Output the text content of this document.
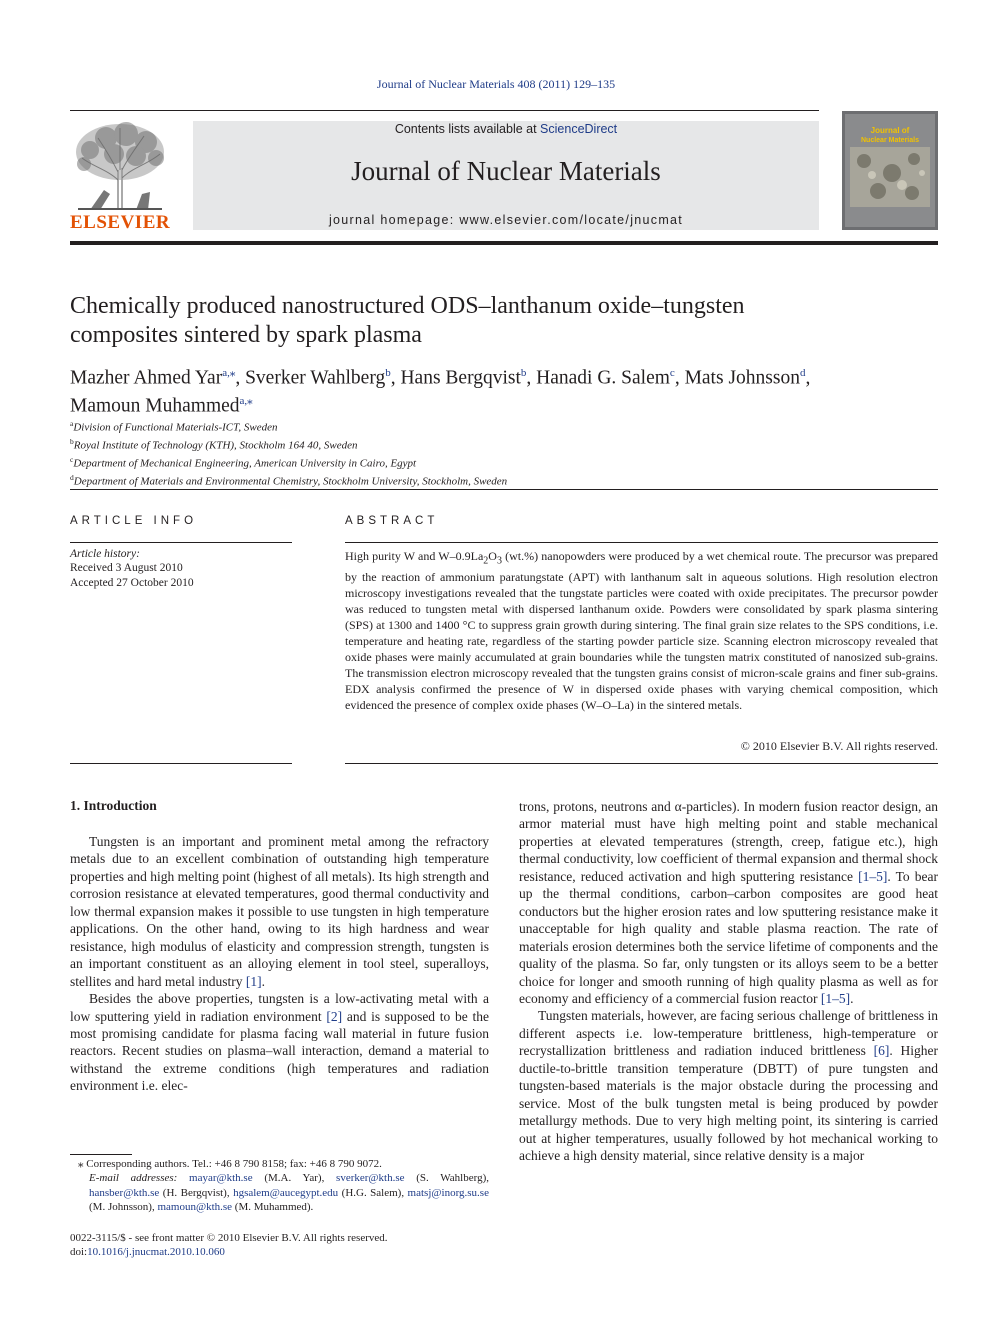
Journal of Nuclear Materials 408 (2011) 129–135
ELSEVIER
Contents lists available at ScienceDirect
Journal of Nuclear Materials
journal homepage: www.elsevier.com/locate/jnucmat
Journal of
Nuclear Materials
Chemically produced nanostructured ODS–lanthanum oxide–tungsten
composites sintered by spark plasma
Mazher Ahmed Yar$^{a,⁎}$, Sverker Wahlberg$^b$, Hans Bergqvist$^b$, Hanadi G. Salem$^c$, Mats Johnsson$^d$,
Mamoun Muhammed$^{a,⁎}$
$^a$Division of Functional Materials-ICT, Sweden
$^b$Royal Institute of Technology (KTH), Stockholm 164 40, Sweden
$^c$Department of Mechanical Engineering, American University in Cairo, Egypt
$^d$Department of Materials and Environmental Chemistry, Stockholm University, Stockholm, Sweden
ARTICLE INFO
Article history:
Received 3 August 2010
Accepted 27 October 2010
ABSTRACT
High purity W and $W-0.9La_2O_3$ (wt.%) nanopowders were produced by a wet chemical route. The precursor was prepared by the reaction of ammonium paratungstate (APT) with lanthanum salt in aqueous solutions. High resolution electron microscopy investigations revealed that the tungstate particles were coated with oxide precipitates. The precursor powder was reduced to tungsten metal with dispersed lanthanum oxide. Powders were consolidated by spark plasma sintering (SPS) at 1300 and 1400 °C to suppress grain growth during sintering. The final grain size relates to the SPS conditions, i.e. temperature and heating rate, regardless of the starting powder particle size. Scanning electron microscopy revealed that oxide phases were mainly accumulated at grain boundaries while the tungsten matrix constituted of nanosized sub-grains. The transmission electron microscopy revealed that the tungsten grains consist of micron-scale grains and finer sub-grains. EDX analysis confirmed the presence of W in dispersed oxide phases with varying chemical composition, which evidenced the presence of complex oxide phases (W–O–La) in the sintered metals.
© 2010 Elsevier B.V. All rights reserved.
1. Introduction

Tungsten is an important and prominent metal among the refractory metals due to an excellent combination of outstanding high temperature properties and high melting point (highest of all metals). Its high strength and corrosion resistance at elevated temperatures, good thermal conductivity and low thermal expansion makes it possible to use tungsten in high temperature applications. On the other hand, owing to its high hardness and wear resistance, high modulus of elasticity and compression strength, tungsten is an important constituent as an alloying element in tool steel, superalloys, stellites and hard metal industry [1].

Besides the above properties, tungsten is a low-activating metal with a low sputtering yield in radiation environment [2] and is supposed to be the most promising candidate for plasma facing wall material in future fusion reactors. Recent studies on plasma–wall interaction, demand a material to withstand the extreme conditions (high temperatures and radiation environment i.e. elec-

trons, protons, neutrons and α-particles). In modern fusion reactor design, an armor material must have high melting point and stable mechanical properties at elevated temperatures (strength, creep, fatigue etc.), high thermal conductivity, low coefficient of thermal expansion and thermal shock resistance, reduced activation and high sputtering resistance [1–5]. To bear up the thermal conditions, carbon–carbon composites are good heat conductors but the higher erosion rates and low sputtering resistance make it unacceptable for high quality and stable plasma reaction. The rate of materials erosion determines both the service lifetime of components and the quality of the plasma. So far, only tungsten or its alloys seem to be a better choice for longer and smooth running of high quality plasma as well as for economy and efficiency of a commercial fusion reactor [1–5].

Tungsten materials, however, are facing serious challenge of brittleness in different aspects i.e. low-temperature brittleness, high-temperature or recrystallization brittleness and radiation induced brittleness [6]. Higher ductile-to-brittle transition temperature (DBTT) of pure tungsten and tungsten-based materials is the major obstacle during the processing and service. Most of the bulk tungsten metal is being produced by powder metallurgy methods. Due to very high melting point, its sintering is carried out at higher temperatures, usually followed by hot mechanical working to achieve a high density material, since relative density is a major

⁎ Corresponding authors. Tel.: +46 8 790 8158; fax: +46 8 790 9072.
E-mail addresses: mayar@kth.se (M.A. Yar), sverker@kth.se (S. Wahlberg), hansber@kth.se (H. Bergqvist), hgsalem@aucegypt.edu (H.G. Salem), matsj@inorg.su.se (M. Johnsson), mamoun@kth.se (M. Muhammed).
0022-3115/$ - see front matter © 2010 Elsevier B.V. All rights reserved.
doi:10.1016/j.jnucmat.2010.10.060
